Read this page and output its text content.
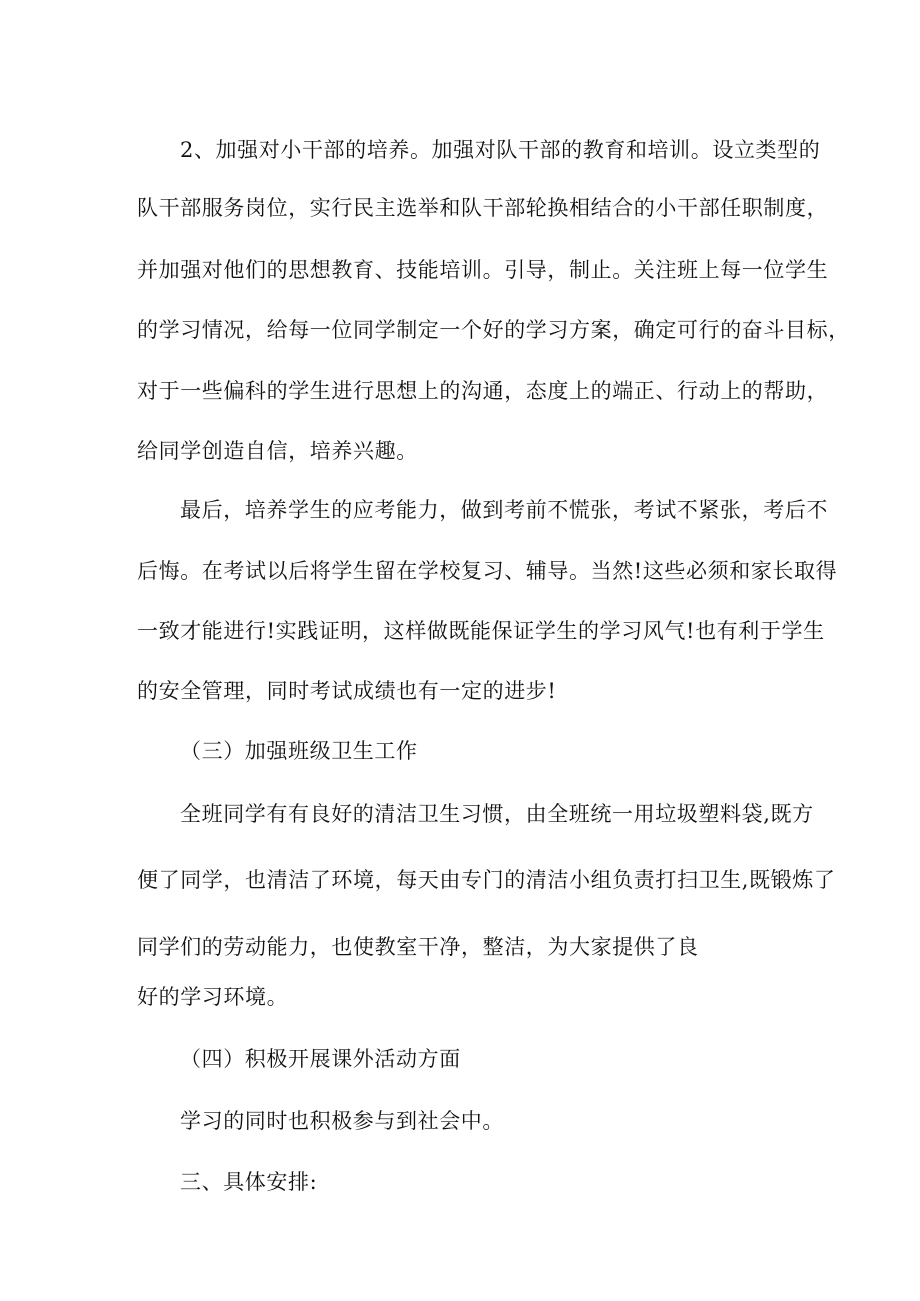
2、加强对小干部的培养。加强对队干部的教育和培训。设立类型的
队干部服务岗位，实行民主选举和队干部轮换相结合的小干部任职制度，
并加强对他们的思想教育、技能培训。引导，制止。关注班上每一位学生
的学习情况，给每一位同学制定一个好的学习方案，确定可行的奋斗目标，
对于一些偏科的学生进行思想上的沟通，态度上的端正、行动上的帮助，
给同学创造自信，培养兴趣。
最后，培养学生的应考能力，做到考前不慌张，考试不紧张，考后不
后悔。在考试以后将学生留在学校复习、辅导。当然!这些必须和家长取得
一致才能进行!实践证明，这样做既能保证学生的学习风气!也有利于学生
的安全管理，同时考试成绩也有一定的进步!
（三）加强班级卫生工作
全班同学有有良好的清洁卫生习惯，由全班统一用垃圾塑料袋,既方
便了同学，也清洁了环境，每天由专门的清洁小组负责打扫卫生,既锻炼了
同学们的劳动能力，也使教室干净，整洁，为大家提供了良
好的学习环境。
（四）积极开展课外活动方面
学习的同时也积极参与到社会中。
三、具体安排:
